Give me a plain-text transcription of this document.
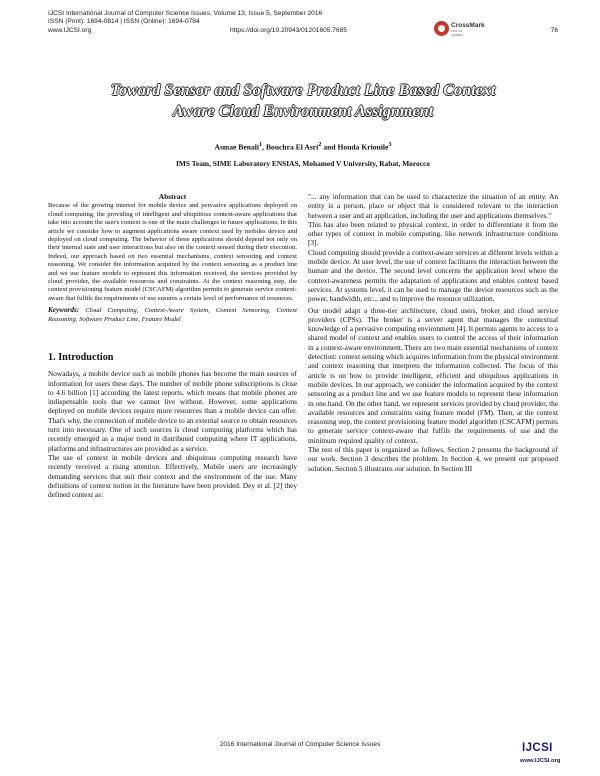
IJCSI International Journal of Computer Science Issues, Volume 13, Issue 5, September 2016
ISSN (Print): 1694-0814 | ISSN (Online): 1694-0784
www.IJCSI.org	https://doi.org/10.20943/01201605.7685	76
CrossMark
click for updates
Toward Sensor and Software Product Line Based Context
Aware Cloud Environment Assignment
Asmae Benali$^1$, Bouchra El Asri$^2$ and Houda Kriouile$^3$
IMS Team, SIME Laboratory ENSIAS, Mohamed V University, Rabat, Morocco

Abstract

Because of the growing interest for mobile device and pervasive applications deployed on cloud computing, the providing of intelligent and ubiquitous context-aware applications that take into account the user's context is one of the main challenges in future applications. In this article we consider how to augment applications aware context used by mobiles device and deployed on cloud computing. The behavior of these applications should depend not only on their internal state and user interactions but also on the context sensed during their execution. Indeed, our approach based on two essential mechanisms, context sensoring and context reasoning. We consider the information acquired by the context sensoring as a product line and we use feature models to represent this information received, the services provided by cloud provider, the available resources and constraints. At the context reasoning step, the context provisioning feature model (CSCAFM) algorithm permits to generate service context-aware that fulfils the requirements of use ensures a certain level of performance of resources.

Keywords: Cloud Computing, Context-Aware System, Context Sensoring, Context Reasoning, Software Product Line, Feature Model

1. Introduction

Nowadays, a mobile device such as mobile phones has become the main sources of information for users these days. The number of mobile phone subscriptions is close to 4.6 billion [1] according the latest reports, which means that mobile phones are indispensable tools that we cannot live without. However, some applications deployed on mobile devices require more resources than a mobile device can offer. That's why, the connection of mobile device to an external source to obtain resources turn into necessary. One of such sources is cloud computing platforms which has recently emerged as a major trend in distributed computing where IT applications, platforms and infrastructures are provided as a service.

The use of context in mobile devices and ubiquitous computing research have recently received a rising attention. Effectively, Mobile users are increasingly demanding services that suit their context and the environment of the use. Many definitions of context notion in the literature have been provided. Dey et al. [2] they defined context as:

"... any information that can be used to characterize the situation of an entity. An entity is a person, place or object that is considered relevant to the interaction between a user and an application, including the user and applications themselves."

This has also been related to physical context, in order to differentiate it from the other types of context in mobile computing, like network infrastructure conditions [3].

Cloud computing should provide a context-aware services at different levels within a mobile device. At user level, the use of context facilitates the interaction between the human and the device. The second level concerns the application level where the context-awareness permits the adaptation of applications and enables context based services. At systems level, it can be used to manage the device resources such as the power, bandwidth, etc... and to improve the resource utilization.

Our model adapt a three-tier architecture, cloud users, broker and cloud service providers (CPSs). The broker is a server agent that manages the contextual knowledge of a pervasive computing environment [4]. It permits agents to access to a shared model of context and enables users to control the access of their information in a context-aware environment. There are two main essential mechanisms of context detection: context sensing which acquires information from the physical environment and context reasoning that interprets the information collected. The focus of this article is on how to provide intelligent, efficient and ubiquitous applications in mobile devices. In our approach, we consider the information acquired by the context sensoring as a product line and we use feature models to represent these information in one hand. On the other hand, we represent services provided by cloud provider, the available resources and constraints using feature model (FM). Then, at the context reasoning step, the context provisioning feature model algorithm (CSCAFM) permits to generate service context-aware that fulfils the requirements of use and the minimum required quality of context.

The rest of this paper is organized as follows. Section 2 presents the background of our work. Section 3 describes the problem. In Section 4, we present our proposed solution. Section 5 illustrates our solution. In Section III

2016 International Journal of Computer Science Issues	IJCSI
www.IJCSI.org
